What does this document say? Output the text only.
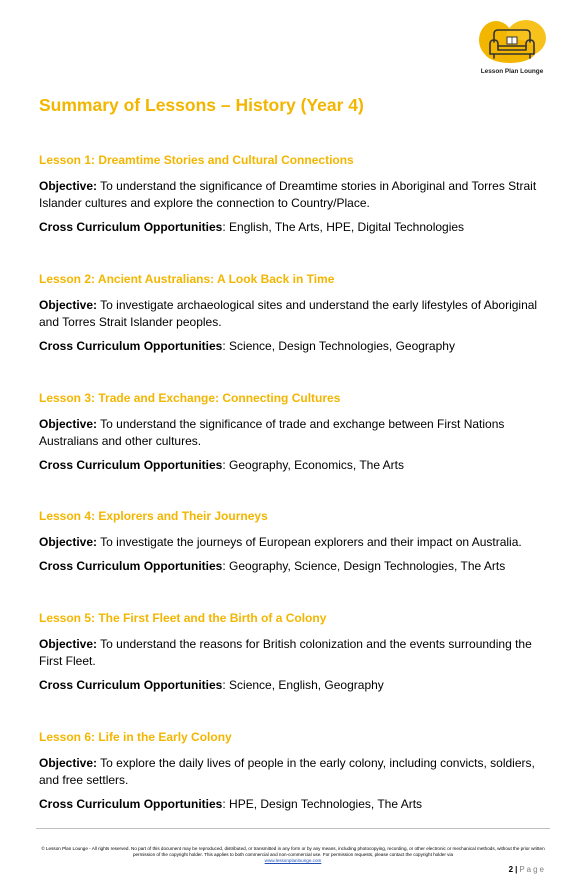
Lesson Plan Lounge
Summary of Lessons – History (Year 4)
Lesson 1: Dreamtime Stories and Cultural Connections

Objective: To understand the significance of Dreamtime stories in Aboriginal and Torres Strait Islander cultures and explore the connection to Country/Place.

Cross Curriculum Opportunities: English, The Arts, HPE, Digital Technologies

Lesson 2: Ancient Australians: A Look Back in Time

Objective: To investigate archaeological sites and understand the early lifestyles of Aboriginal and Torres Strait Islander peoples.

Cross Curriculum Opportunities: Science, Design Technologies, Geography

Lesson 3: Trade and Exchange: Connecting Cultures

Objective: To understand the significance of trade and exchange between First Nations Australians and other cultures.

Cross Curriculum Opportunities: Geography, Economics, The Arts

Lesson 4: Explorers and Their Journeys

Objective: To investigate the journeys of European explorers and their impact on Australia.

Cross Curriculum Opportunities: Geography, Science, Design Technologies, The Arts

Lesson 5: The First Fleet and the Birth of a Colony

Objective: To understand the reasons for British colonization and the events surrounding the First Fleet.

Cross Curriculum Opportunities: Science, English, Geography

Lesson 6: Life in the Early Colony

Objective: To explore the daily lives of people in the early colony, including convicts, soldiers, and free settlers.

Cross Curriculum Opportunities: HPE, Design Technologies, The Arts

© Lesson Plan Lounge - All rights reserved. No part of this document may be reproduced, distributed, or transmitted in any form or by any means, including photocopying, recording, or other electronic or mechanical methods, without the prior written permission of the copyright holder. This applies to both commercial and non-commercial use. For permission requests, please contact the copyright holder via
www.lessonplanlounge.com
2 | Page
